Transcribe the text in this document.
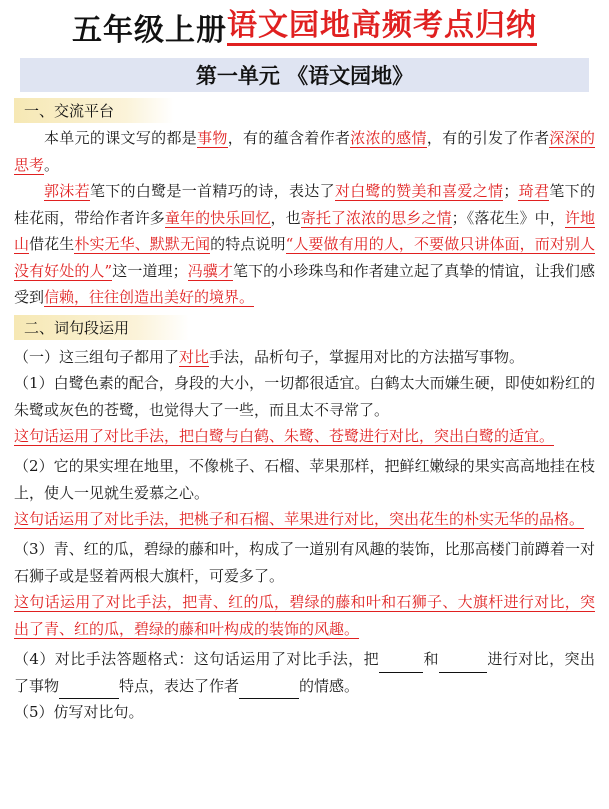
五年级上册 语文园地高频考点归纳
第一单元 《语文园地》
一、交流平台

本单元的课文写的都是事物，有的蕴含着作者浓浓的感情，有的引发了作者深深的思考。

郭沫若笔下的白鹭是一首精巧的诗，表达了对白鹭的赞美和喜爱之情；琦君笔下的桂花雨，带给作者许多童年的快乐回忆，也寄托了浓浓的思乡之情；《落花生》中，许地山借花生朴实无华、默默无闻的特点说明“人要做有用的人，不要做只讲体面，而对别人没有好处的人”这一道理；冯骥才笔下的小珍珠鸟和作者建立起了真挚的情谊，让我们感受到信赖，往往创造出美好的境界。

二、词句段运用

（一）这三组句子都用了对比手法，品析句子，掌握用对比的方法描写事物。

（1）白鹭色素的配合，身段的大小，一切都很适宜。白鹤太大而嫌生硬，即使如粉红的朱鹭或灰色的苍鹭，也觉得大了一些，而且太不寻常了。

这句话运用了对比手法，把白鹭与白鹤、朱鹭、苍鹭进行对比，突出白鹭的适宜。

（2）它的果实埋在地里，不像桃子、石榴、苹果那样，把鲜红嫩绿的果实高高地挂在枝上，使人一见就生爱慕之心。

这句话运用了对比手法，把桃子和石榴、苹果进行对比，突出花生的朴实无华的品格。

（3）青、红的瓜，碧绿的藤和叶，构成了一道别有风趣的装饰，比那高楼门前蹲着一对石狮子或是竖着两根大旗杆，可爱多了。

这句话运用了对比手法，把青、红的瓜，碧绿的藤和叶和石狮子、大旗杆进行对比，突出了青、红的瓜，碧绿的藤和叶构成的装饰的风趣。

（4）对比手法答题格式：这句话运用了对比手法，把	和	进行对比，突出了事物	特点，表达了作者	的情感。

（5）仿写对比句。
